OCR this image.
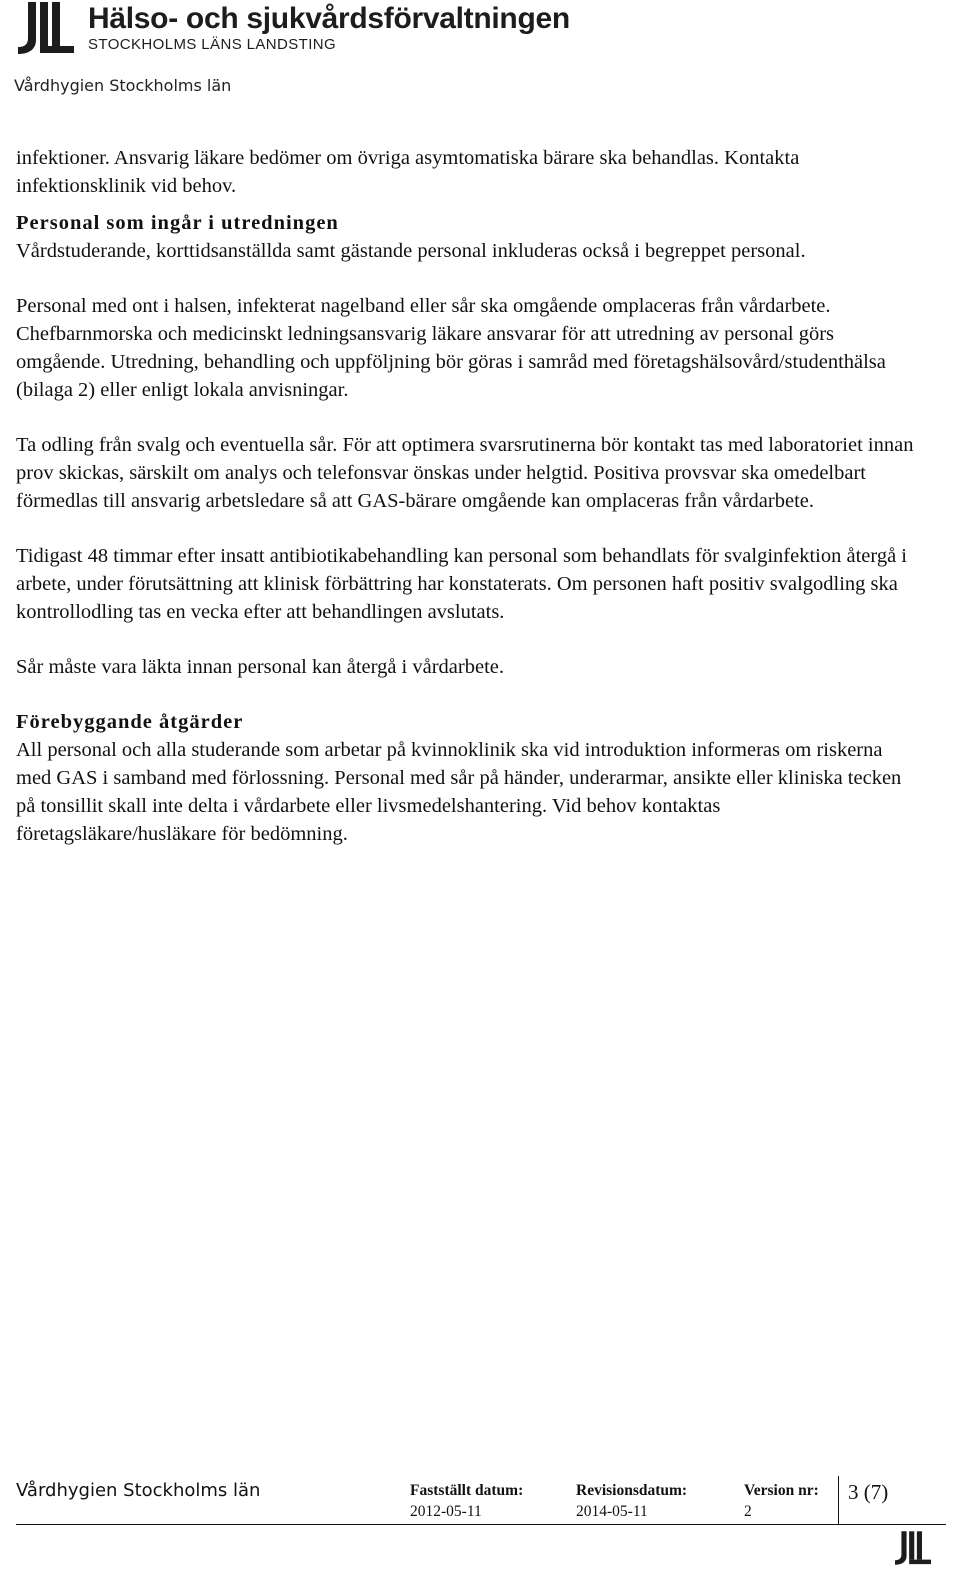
Hälso- och sjukvårdsförvaltningen
STOCKHOLMS LÄNS LANDSTING
Vårdhygien Stockholms län

infektioner. Ansvarig läkare bedömer om övriga asymtomatiska bärare ska behandlas. Kontakta infektionsklinik vid behov.

Personal som ingår i utredningen

Vårdstuderande, korttidsanställda samt gästande personal inkluderas också i begreppet personal.

Personal med ont i halsen, infekterat nagelband eller sår ska omgående omplaceras från vårdarbete. Chefbarnmorska och medicinskt ledningsansvarig läkare ansvarar för att utredning av personal görs omgående. Utredning, behandling och uppföljning bör göras i samråd med företagshälsovård/studenthälsa (bilaga 2) eller enligt lokala anvisningar.

Ta odling från svalg och eventuella sår. För att optimera svarsrutinerna bör kontakt tas med laboratoriet innan prov skickas, särskilt om analys och telefonsvar önskas under helgtid. Positiva provsvar ska omedelbart förmedlas till ansvarig arbetsledare så att GAS-bärare omgående kan omplaceras från vårdarbete.

Tidigast 48 timmar efter insatt antibiotikabehandling kan personal som behandlats för svalginfektion återgå i arbete, under förutsättning att klinisk förbättring har konstaterats. Om personen haft positiv svalgodling ska kontrollodling tas en vecka efter att behandlingen avslutats.

Sår måste vara läkta innan personal kan återgå i vårdarbete.

Förebyggande åtgärder

All personal och alla studerande som arbetar på kvinnoklinik ska vid introduktion informeras om riskerna med GAS i samband med förlossning. Personal med sår på händer, underarmar, ansikte eller kliniska tecken på tonsillit skall inte delta i vårdarbete eller livsmedelshantering. Vid behov kontaktas företagsläkare/husläkare för bedömning.

Vårdhygien Stockholms län	Fastställt datum:
2012-05-11
Revisionsdatum:
2014-05-11
Version nr:
2
3 (7)
